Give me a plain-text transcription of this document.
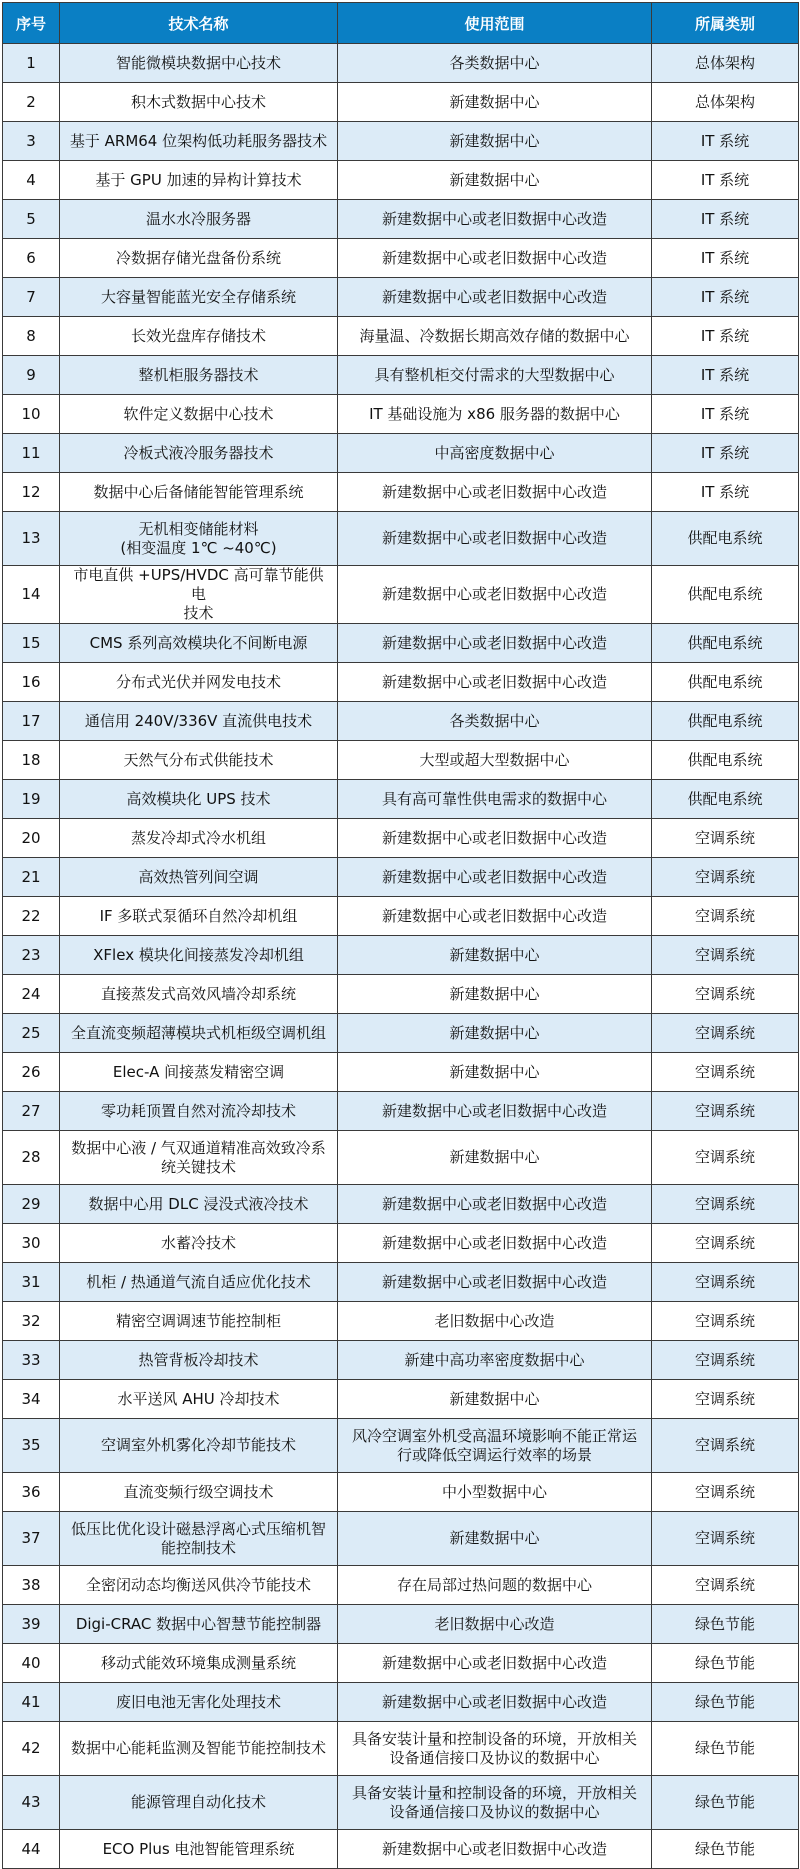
序号	技术名称	使用范围	所属类别
1	智能微模块数据中心技术	各类数据中心	总体架构
2	积木式数据中心技术	新建数据中心	总体架构
3	基于 ARM64 位架构低功耗服务器技术	新建数据中心	IT 系统
4	基于 GPU 加速的异构计算技术	新建数据中心	IT 系统
5	温水水冷服务器	新建数据中心或老旧数据中心改造	IT 系统
6	冷数据存储光盘备份系统	新建数据中心或老旧数据中心改造	IT 系统
7	大容量智能蓝光安全存储系统	新建数据中心或老旧数据中心改造	IT 系统
8	长效光盘库存储技术	海量温、冷数据长期高效存储的数据中心	IT 系统
9	整机柜服务器技术	具有整机柜交付需求的大型数据中心	IT 系统
10	软件定义数据中心技术	IT 基础设施为 x86 服务器的数据中心	IT 系统
11	冷板式液冷服务器技术	中高密度数据中心	IT 系统
12	数据中心后备储能智能管理系统	新建数据中心或老旧数据中心改造	IT 系统
13	无机相变储能材料
(相变温度 1℃ ~40℃)	新建数据中心或老旧数据中心改造	供配电系统
14	市电直供 +UPS/HVDC 高可靠节能供电
技术	新建数据中心或老旧数据中心改造	供配电系统
15	CMS 系列高效模块化不间断电源	新建数据中心或老旧数据中心改造	供配电系统
16	分布式光伏并网发电技术	新建数据中心或老旧数据中心改造	供配电系统
17	通信用 240V/336V 直流供电技术	各类数据中心	供配电系统
18	天然气分布式供能技术	大型或超大型数据中心	供配电系统
19	高效模块化 UPS 技术	具有高可靠性供电需求的数据中心	供配电系统
20	蒸发冷却式冷水机组	新建数据中心或老旧数据中心改造	空调系统
21	高效热管列间空调	新建数据中心或老旧数据中心改造	空调系统
22	IF 多联式泵循环自然冷却机组	新建数据中心或老旧数据中心改造	空调系统
23	XFlex 模块化间接蒸发冷却机组	新建数据中心	空调系统
24	直接蒸发式高效风墙冷却系统	新建数据中心	空调系统
25	全直流变频超薄模块式机柜级空调机组	新建数据中心	空调系统
26	Elec-A 间接蒸发精密空调	新建数据中心	空调系统
27	零功耗顶置自然对流冷却技术	新建数据中心或老旧数据中心改造	空调系统
28	数据中心液 / 气双通道精准高效致冷系
统关键技术	新建数据中心	空调系统
29	数据中心用 DLC 浸没式液冷技术	新建数据中心或老旧数据中心改造	空调系统
30	水蓄冷技术	新建数据中心或老旧数据中心改造	空调系统
31	机柜 / 热通道气流自适应优化技术	新建数据中心或老旧数据中心改造	空调系统
32	精密空调调速节能控制柜	老旧数据中心改造	空调系统
33	热管背板冷却技术	新建中高功率密度数据中心	空调系统
34	水平送风 AHU 冷却技术	新建数据中心	空调系统
35	空调室外机雾化冷却节能技术	风冷空调室外机受高温环境影响不能正常运
行或降低空调运行效率的场景	空调系统
36	直流变频行级空调技术	中小型数据中心	空调系统
37	低压比优化设计磁悬浮离心式压缩机智
能控制技术	新建数据中心	空调系统
38	全密闭动态均衡送风供冷节能技术	存在局部过热问题的数据中心	空调系统
39	Digi-CRAC 数据中心智慧节能控制器	老旧数据中心改造	绿色节能
40	移动式能效环境集成测量系统	新建数据中心或老旧数据中心改造	绿色节能
41	废旧电池无害化处理技术	新建数据中心或老旧数据中心改造	绿色节能
42	数据中心能耗监测及智能节能控制技术	具备安装计量和控制设备的环境，开放相关
设备通信接口及协议的数据中心	绿色节能
43	能源管理自动化技术	具备安装计量和控制设备的环境，开放相关
设备通信接口及协议的数据中心	绿色节能
44	ECO Plus 电池智能管理系统	新建数据中心或老旧数据中心改造	绿色节能
